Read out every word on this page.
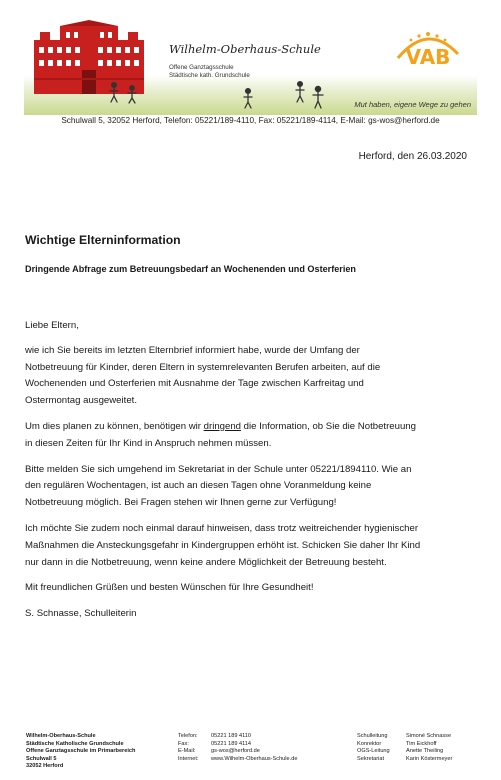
Wilhelm-Oberhaus-Schule
Offene Ganztagsschule
Städtische kath. Grundschule
VAB
Mut haben, eigene Wege zu gehen
Schulwall 5, 32052 Herford, Telefon: 05221/189-4110, Fax: 05221/189-4114, E-Mail: gs-wos@herford.de
Herford, den 26.03.2020
Wichtige Elterninformation
Dringende Abfrage zum Betreuungsbedarf an Wochenenden und Osterferien

Liebe Eltern,

wie ich Sie bereits im letzten Elternbrief informiert habe, wurde der Umfang der
Notbetreuung für Kinder, deren Eltern in systemrelevanten Berufen arbeiten, auf die
Wochenenden und Osterferien mit Ausnahme der Tage zwischen Karfreitag und
Ostermontag ausgeweitet.

Um dies planen zu können, benötigen wir dringend die Information, ob Sie die Notbetreuung
in diesen Zeiten für Ihr Kind in Anspruch nehmen müssen.

Bitte melden Sie sich umgehend im Sekretariat in der Schule unter 05221/1894110. Wie an
den regulären Wochentagen, ist auch an diesen Tagen ohne Voranmeldung keine
Notbetreuung möglich. Bei Fragen stehen wir Ihnen gerne zur Verfügung!

Ich möchte Sie zudem noch einmal darauf hinweisen, dass trotz weitreichender hygienischer
Maßnahmen die Ansteckungsgefahr in Kindergruppen erhöht ist. Schicken Sie daher Ihr Kind
nur dann in die Notbetreuung, wenn keine andere Möglichkeit der Betreuung besteht.

Mit freundlichen Grüßen und besten Wünschen für Ihre Gesundheit!

S. Schnasse, Schulleiterin

Wilhelm-Oberhaus-Schule
Städtische Katholische Grundschule
Offene Ganztagsschule im Primarbereich
Schulwall 5
32052 Herford
Telefon:	05221 189 4110
Fax:	05221 189 4114
E-Mail:	gs-wos@herford.de
Internet:	www.Wilhelm-Oberhaus-Schule.de
Schulleitung	Simoné Schnasse
Konrektor	Tim Eickhoff
OGS-Leitung	Anette Theiling
Sekretariat	Karin Köstermeyer
